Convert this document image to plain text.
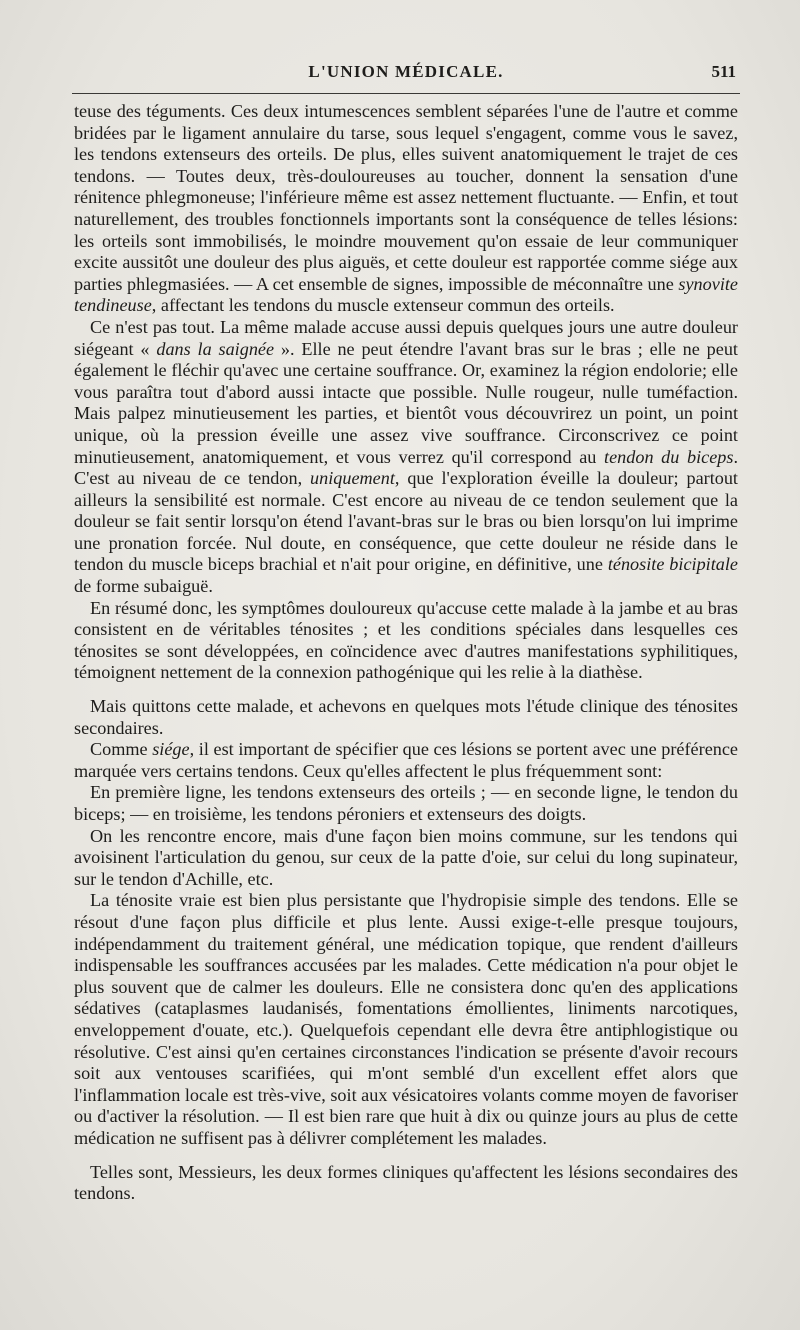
L'UNION MÉDICALE.	511

teuse des téguments. Ces deux intumescences semblent séparées l'une de l'autre et comme bridées par le ligament annulaire du tarse, sous lequel s'engagent, comme vous le savez, les tendons extenseurs des orteils. De plus, elles suivent anatomiquement le trajet de ces tendons. — Toutes deux, très-douloureuses au toucher, donnent la sensation d'une rénitence phlegmoneuse; l'inférieure même est assez nettement fluctuante. — Enfin, et tout naturellement, des troubles fonctionnels importants sont la conséquence de telles lésions: les orteils sont immobilisés, le moindre mouvement qu'on essaie de leur communiquer excite aussitôt une douleur des plus aiguës, et cette douleur est rapportée comme siége aux parties phlegmasiées. — A cet ensemble de signes, impossible de méconnaître une synovite tendineuse, affectant les tendons du muscle extenseur commun des orteils.

Ce n'est pas tout. La même malade accuse aussi depuis quelques jours une autre douleur siégeant « dans la saignée ». Elle ne peut étendre l'avant bras sur le bras ; elle ne peut également le fléchir qu'avec une certaine souffrance. Or, examinez la région endolorie; elle vous paraîtra tout d'abord aussi intacte que possible. Nulle rougeur, nulle tuméfaction. Mais palpez minutieusement les parties, et bientôt vous découvrirez un point, un point unique, où la pression éveille une assez vive souffrance. Circonscrivez ce point minutieusement, anatomiquement, et vous verrez qu'il correspond au tendon du biceps. C'est au niveau de ce tendon, uniquement, que l'exploration éveille la douleur; partout ailleurs la sensibilité est normale. C'est encore au niveau de ce tendon seulement que la douleur se fait sentir lorsqu'on étend l'avant-bras sur le bras ou bien lorsqu'on lui imprime une pronation forcée. Nul doute, en conséquence, que cette douleur ne réside dans le tendon du muscle biceps brachial et n'ait pour origine, en définitive, une ténosite bicipitale de forme subaiguë.

En résumé donc, les symptômes douloureux qu'accuse cette malade à la jambe et au bras consistent en de véritables ténosites ; et les conditions spéciales dans lesquelles ces ténosites se sont développées, en coïncidence avec d'autres manifestations syphilitiques, témoignent nettement de la connexion pathogénique qui les relie à la diathèse.

Mais quittons cette malade, et achevons en quelques mots l'étude clinique des ténosites secondaires.

Comme siége, il est important de spécifier que ces lésions se portent avec une préférence marquée vers certains tendons. Ceux qu'elles affectent le plus fréquemment sont:

En première ligne, les tendons extenseurs des orteils ; — en seconde ligne, le tendon du biceps; — en troisième, les tendons péroniers et extenseurs des doigts.

On les rencontre encore, mais d'une façon bien moins commune, sur les tendons qui avoisinent l'articulation du genou, sur ceux de la patte d'oie, sur celui du long supinateur, sur le tendon d'Achille, etc.

La ténosite vraie est bien plus persistante que l'hydropisie simple des tendons. Elle se résout d'une façon plus difficile et plus lente. Aussi exige-t-elle presque toujours, indépendamment du traitement général, une médication topique, que rendent d'ailleurs indispensable les souffrances accusées par les malades. Cette médication n'a pour objet le plus souvent que de calmer les douleurs. Elle ne consistera donc qu'en des applications sédatives (cataplasmes laudanisés, fomentations émollientes, liniments narcotiques, enveloppement d'ouate, etc.). Quelquefois cependant elle devra être antiphlogistique ou résolutive. C'est ainsi qu'en certaines circonstances l'indication se présente d'avoir recours soit aux ventouses scarifiées, qui m'ont semblé d'un excellent effet alors que l'inflammation locale est très-vive, soit aux vésicatoires volants comme moyen de favoriser ou d'activer la résolution. — Il est bien rare que huit à dix ou quinze jours au plus de cette médication ne suffisent pas à délivrer complétement les malades.

Telles sont, Messieurs, les deux formes cliniques qu'affectent les lésions secondaires des tendons.
